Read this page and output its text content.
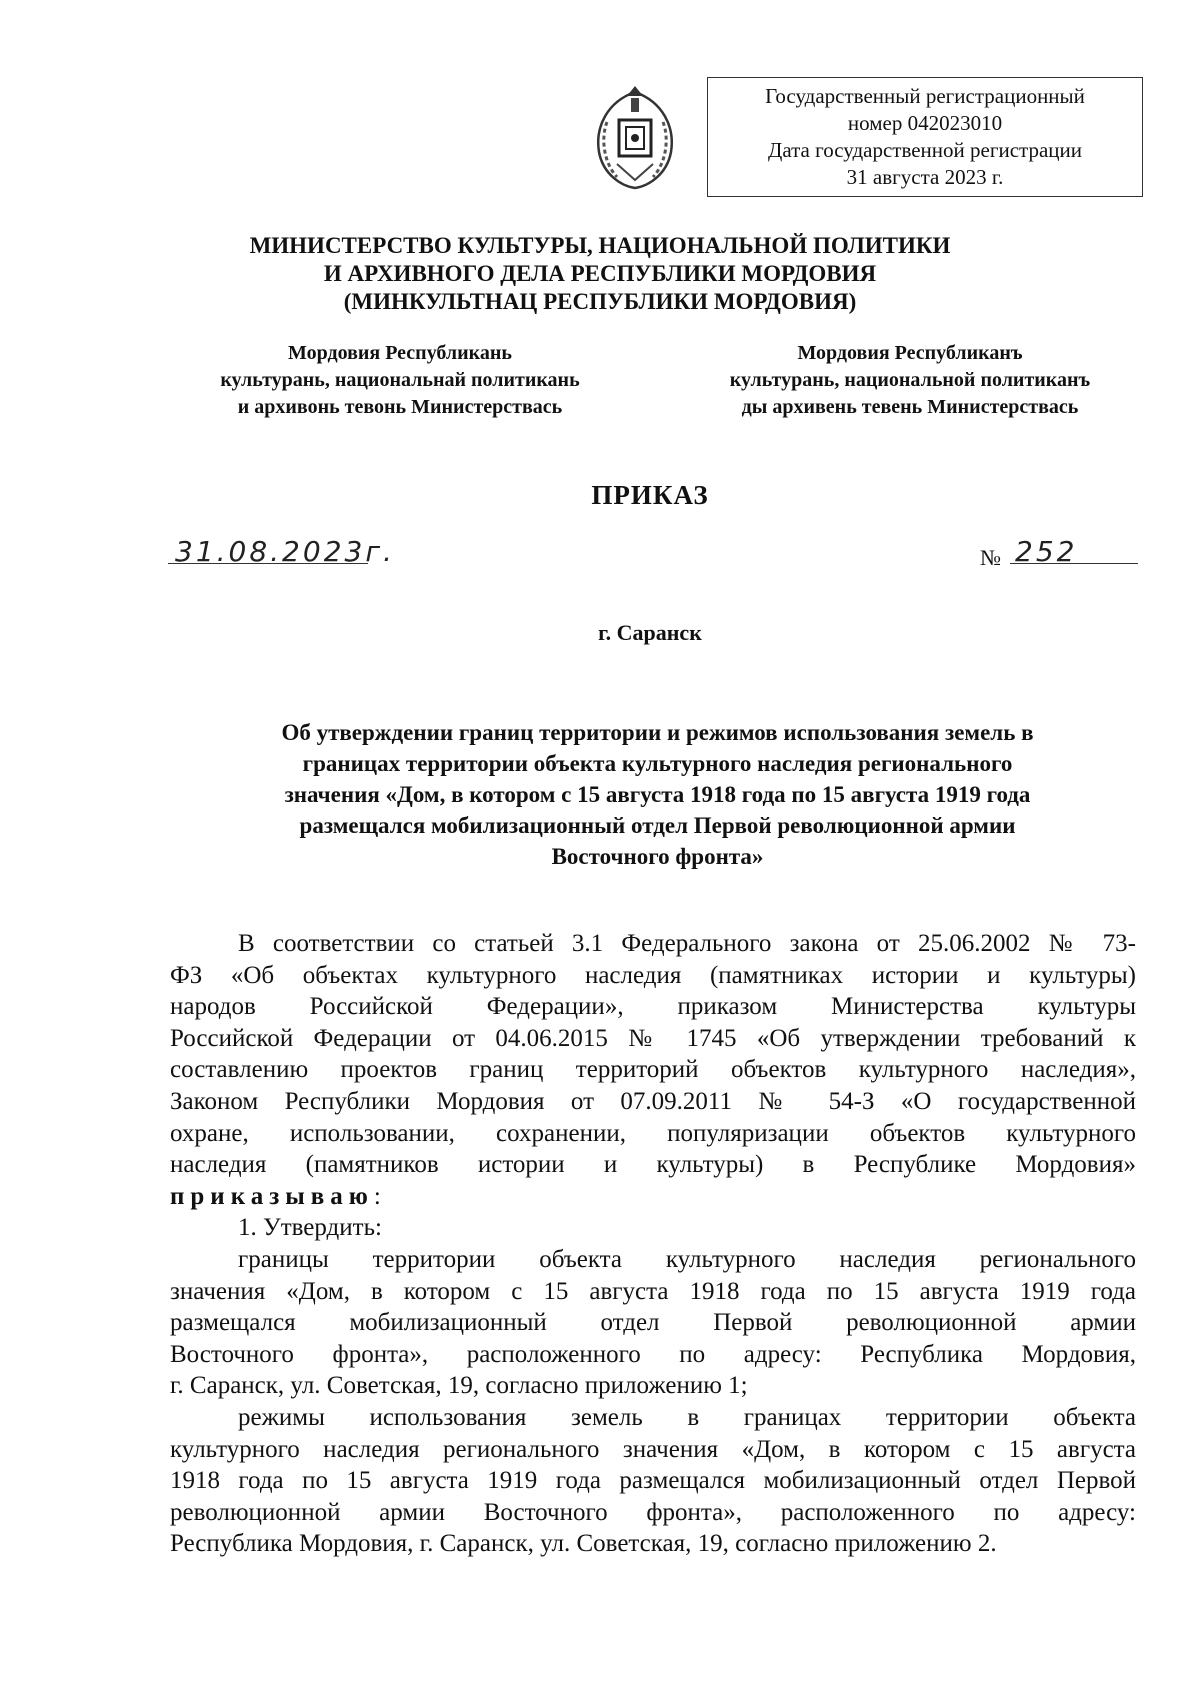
Государственный регистрационный
номер 042023010
Дата государственной регистрации
31 августа 2023 г.
МИНИСТЕРСТВО КУЛЬТУРЫ, НАЦИОНАЛЬНОЙ ПОЛИТИКИ
И АРХИВНОГО ДЕЛА РЕСПУБЛИКИ МОРДОВИЯ
(МИНКУЛЬТНАЦ РЕСПУБЛИКИ МОРДОВИЯ)
Мордовия Республикань
культурань, национальнай политикань
и архивонь тевонь Министерствась
Мордовия Республиканъ
культурань, национальной политиканъ
ды архивень тевень Министерствась
ПРИКАЗ
31.08.2023г.	№ 252
г. Саранск
Об утверждении границ территории и режимов использования земель в
границах территории объекта культурного наследия регионального
значения «Дом, в котором с 15 августа 1918 года по 15 августа 1919 года
размещался мобилизационный отдел Первой революционной армии
Восточного фронта»
В соответствии со статьей 3.1 Федерального закона от 25.06.2002 № 73-
ФЗ «Об объектах культурного наследия (памятниках истории и культуры)
народов Российской Федерации», приказом Министерства культуры
Российской Федерации от 04.06.2015 № 1745 «Об утверждении требований к
составлению проектов границ территорий объектов культурного наследия»,
Законом Республики Мордовия от 07.09.2011 № 54-З «О государственной
охране, использовании, сохранении, популяризации объектов культурного
наследия (памятников истории и культуры) в Республике Мордовия»
приказываю:
1. Утвердить:
границы территории объекта культурного наследия регионального
значения «Дом, в котором с 15 августа 1918 года по 15 августа 1919 года
размещался мобилизационный отдел Первой революционной армии
Восточного фронта», расположенного по адресу: Республика Мордовия,
г. Саранск, ул. Советская, 19, согласно приложению 1;
режимы использования земель в границах территории объекта
культурного наследия регионального значения «Дом, в котором с 15 августа
1918 года по 15 августа 1919 года размещался мобилизационный отдел Первой
революционной армии Восточного фронта», расположенного по адресу:
Республика Мордовия, г. Саранск, ул. Советская, 19, согласно приложению 2.
